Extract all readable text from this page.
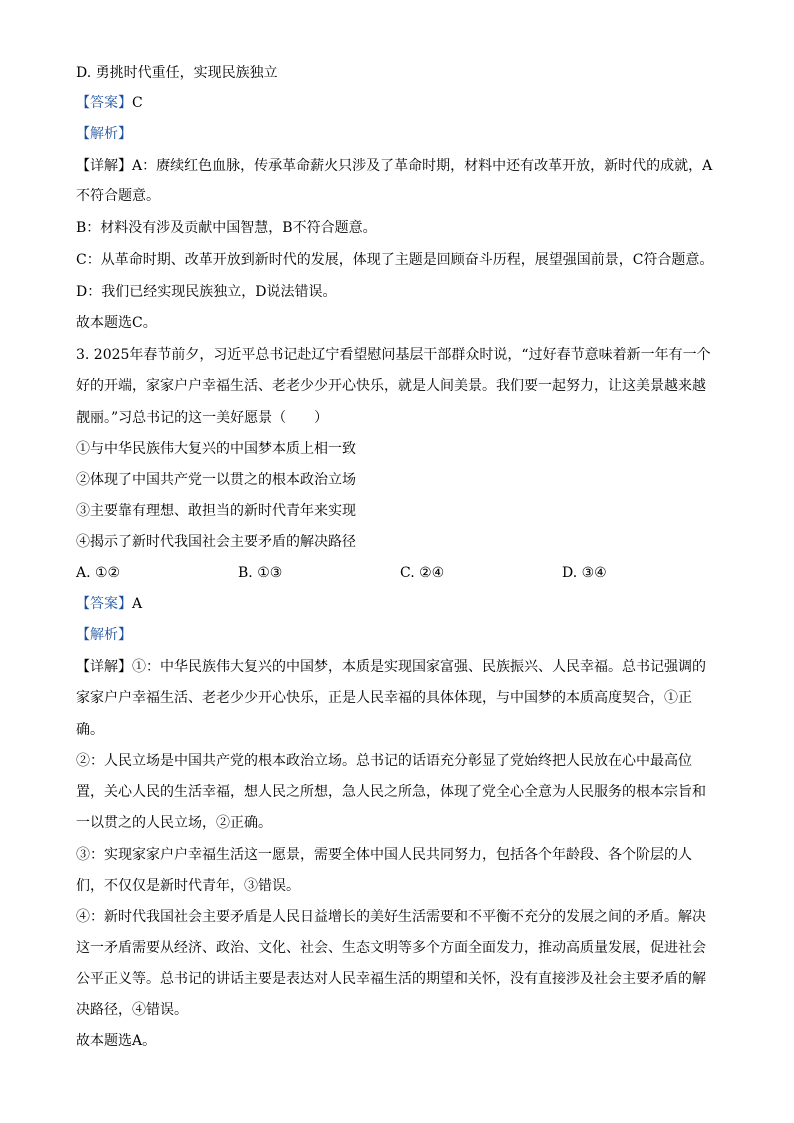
D. 勇挑时代重任，实现民族独立
【答案】C
【解析】
【详解】A：赓续红色血脉，传承革命薪火只涉及了革命时期，材料中还有改革开放，新时代的成就，A
不符合题意。
B：材料没有涉及贡献中国智慧，B不符合题意。
C：从革命时期、改革开放到新时代的发展，体现了主题是回顾奋斗历程，展望强国前景，C符合题意。
D：我们已经实现民族独立，D说法错误。
故本题选C。
3. 2025年春节前夕，习近平总书记赴辽宁看望慰问基层干部群众时说，“过好春节意味着新一年有一个
好的开端，家家户户幸福生活、老老少少开心快乐，就是人间美景。我们要一起努力，让这美景越来越
靓丽。”习总书记的这一美好愿景（　　）
①与中华民族伟大复兴的中国梦本质上相一致
②体现了中国共产党一以贯之的根本政治立场
③主要靠有理想、敢担当的新时代青年来实现
④揭示了新时代我国社会主要矛盾的解决路径
A. ①②	B. ①③	C. ②④	D. ③④
【答案】A
【解析】
【详解】①：中华民族伟大复兴的中国梦，本质是实现国家富强、民族振兴、人民幸福。总书记强调的
家家户户幸福生活、老老少少开心快乐，正是人民幸福的具体体现，与中国梦的本质高度契合，①正
确。
②：人民立场是中国共产党的根本政治立场。总书记的话语充分彰显了党始终把人民放在心中最高位
置，关心人民的生活幸福，想人民之所想，急人民之所急，体现了党全心全意为人民服务的根本宗旨和
一以贯之的人民立场，②正确。
③：实现家家户户幸福生活这一愿景，需要全体中国人民共同努力，包括各个年龄段、各个阶层的人
们，不仅仅是新时代青年，③错误。
④：新时代我国社会主要矛盾是人民日益增长的美好生活需要和不平衡不充分的发展之间的矛盾。解决
这一矛盾需要从经济、政治、文化、社会、生态文明等多个方面全面发力，推动高质量发展，促进社会
公平正义等。总书记的讲话主要是表达对人民幸福生活的期望和关怀，没有直接涉及社会主要矛盾的解
决路径，④错误。
故本题选A。
